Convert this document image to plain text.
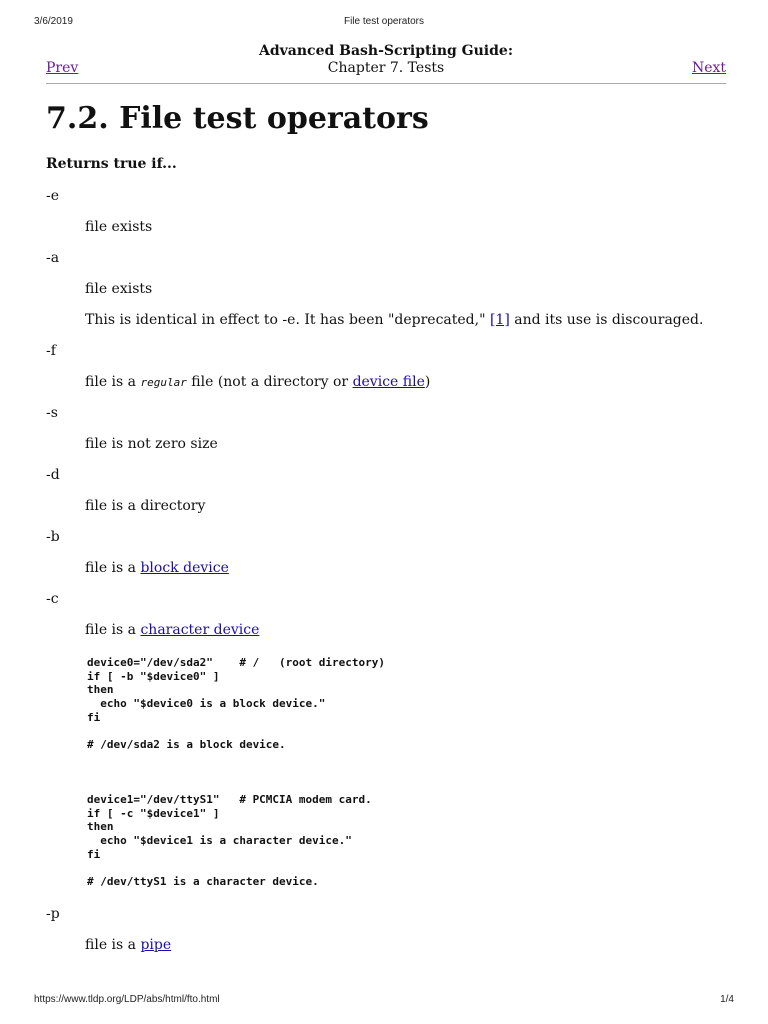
3/6/2019	File test operators
Advanced Bash-Scripting Guide:
Chapter 7. Tests
Prev	Next
7.2. File test operators
Returns true if...
-e
file exists
-a
file exists
This is identical in effect to -e. It has been "deprecated," [1] and its use is discouraged.
-f
file is a regular file (not a directory or device file)
-s
file is not zero size
-d
file is a directory
-b
file is a block device
-c
file is a character device
device0="/dev/sda2"    # /   (root directory)
if [ -b "$device0" ]
then
echo "$device0 is a block device."
fi

# /dev/sda2 is a block device.
device1="/dev/ttyS1"   # PCMCIA modem card.
if [ -c "$device1" ]
then
echo "$device1 is a character device."
fi

# /dev/ttyS1 is a character device.
-p
file is a pipe
https://www.tldp.org/LDP/abs/html/fto.html	1/4
